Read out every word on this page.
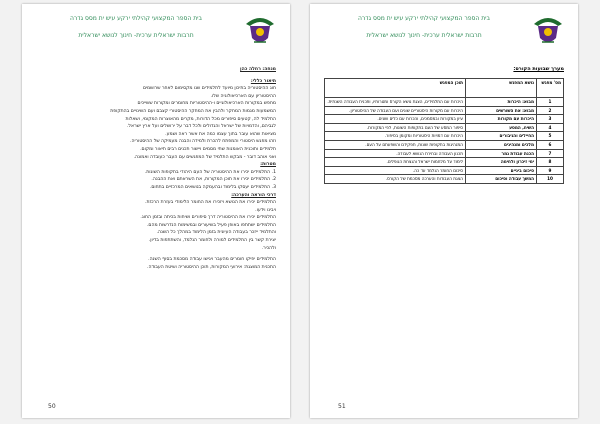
בית הספר המקצועי קהילתי ירקע עיש ית מסס גדרה
תרבות ישראלית ערכית- חינוך לנושא ישראלית
מנחה: רחלה כהן
תיאור כללי:
חוג ההיסטוריה בתיכון מיועד לתלמידים שנו מקסימום לאחר שרושמים
ההיסטוריון עם הארכיאולוגיה שלו.
מחפש במקורות הארכיאולוגיים ו-ההיסטוריות מחומרים ומקורות ששייכים
המשמעות מגמות המחקר ולהבין את המחקר ההיסטורי קצבם ועם השינויים בהתקופת
התלמיד לה, קטעים סיפורים מכל הדורות, מקרים מהאוצרות המקומי, ושאלות
לגביהם, והדמויות של ישראל והגדולים ולכל דבר על ירושלים ועל ארץ ישראל.
מציאות שהוא עובר בתוך עצמו כמה את אשר ראה ושמע.
וזהו מפגש היסטורי והמפתח להכרת ולמידה והבנה מעמיקה של ההיסטוריה.
תלמידים ותוכנית האומנות שתי מסמים ויישור תכנים רבים תיאור ומקום.
ואני אוהב דובר - מבקש התלמיד של המפגשים עם העבר כעובדה ואמונה.
מטרות:
1. התלמידים יכירו את ההיסטוריה של העם היהודי בתקופות השונות.
2. התלמידים יכירו את תוכן המקורות, את השראתם ואת ההבנה.
3. התלמידים יעסקו בלימוד ובהעמקה בנושאים המרכזיים בתחום.
דרכי הוראה והערכה:
התלמידים יכירו את הנושא ויזכירו את החומר הלימודי בעזרת הרכזת.
ויבינו וידעו.
התלמידים יכירו את ההיסטוריה דרך סיפורים ושיחות בכיתה ובזמן החוג.
התלמידים ישתתפו באופן פעיל בשיעורים ובמשימות הנדרשות מהם.
והתלמיד ייזכר בעבודה העיונית בזמן הלימוד במהלך כל השנה.
יצירת קשר בין התלמידים למורה ולחומר הנלמד, והשתתפות בדיון.
ולהכיר.
התלמידים יפיקו חומרים מהעבר ויגישו עבודה מסכמת בסוף השנה.
התכנית המוצגת: אירועי המקורות, תוכן ההיסטוריה ושיטת העבודה.
50
בית הספר המקצועי קהילתי ירקע עיש ית מסס גדרה
תרבות ישראלית ערכית- חינוך לנושא ישראלית
מערך שבועות הקורס:
מס' מפגש	נושא המפגש	תוכן המפגש
1	מבוא: היכרות	היכרות עם התלמידים, הצגת נושא הקורס ומטרותיו, ותכנית העבודה השנתית.
2	מבוא: את השורשים	היכרות עם מקורות היסטוריים שונים ועם העבודה של ההיסטוריון.
3	היכרות עם מקורות	עיון במקורות ובמסמכים, והכרות עם כלים שונים.
4	השיח, המסע	סיפור המסע של העם בתקופות השונות, לפי המקורות.
5	החיילים והגיבורים	היכרות עם דמויות היסטוריות ומקומן בסיפור.
6	מלכים ומנהיגים	המנהיגות בתקופות שונות, תפקידם והשפעתם על העם.
7	הכנת עבודת גמר	תכנון העבודה ובחירת הנושא לעבודה.
8	ימי זיכרון ולחימה	לימוד על מלחמות ישראל והנצחת הנופלים.
9	סיכום ביניים	סיכום החומר הנלמד עד כה.
10	המשך עבודה וסיכום	הצגת העבודות והערכה מסכמת של הקורס.
51
